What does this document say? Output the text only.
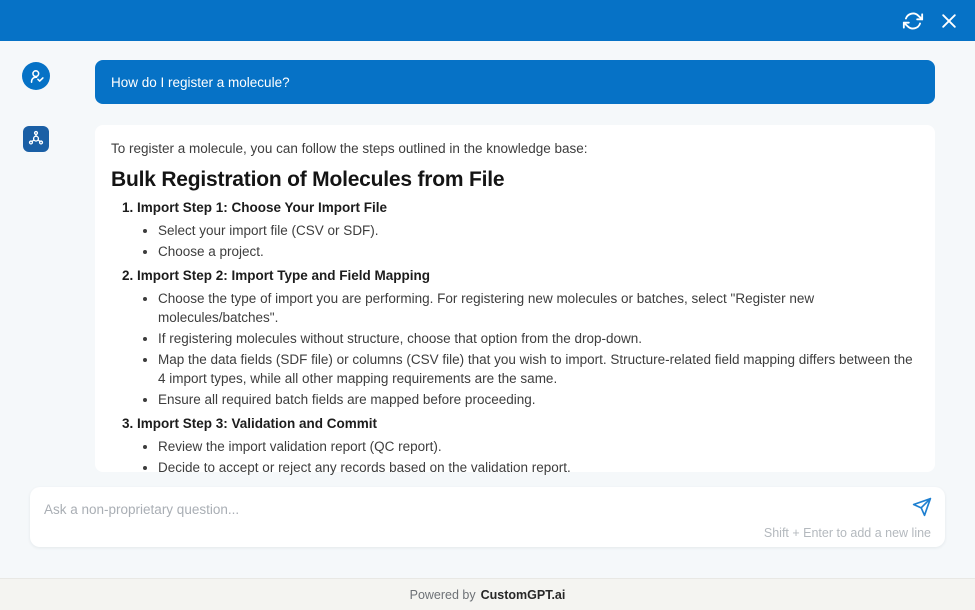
How do I register a molecule?

To register a molecule, you can follow the steps outlined in the knowledge base:

Bulk Registration of Molecules from File
1. Import Step 1: Choose Your Import File
• Select your import file (CSV or SDF).
• Choose a project.
2. Import Step 2: Import Type and Field Mapping
• Choose the type of import you are performing. For registering new molecules or batches, select "Register new molecules/batches".
• If registering molecules without structure, choose that option from the drop-down.
• Map the data fields (SDF file) or columns (CSV file) that you wish to import. Structure-related field mapping differs between the 4 import types, while all other mapping requirements are the same.
• Ensure all required batch fields are mapped before proceeding.
3. Import Step 3: Validation and Commit
• Review the import validation report (QC report).
• Decide to accept or reject any records based on the validation report.
Ask a non-proprietary question...
Shift + Enter to add a new line
Powered by CustomGPT.ai
